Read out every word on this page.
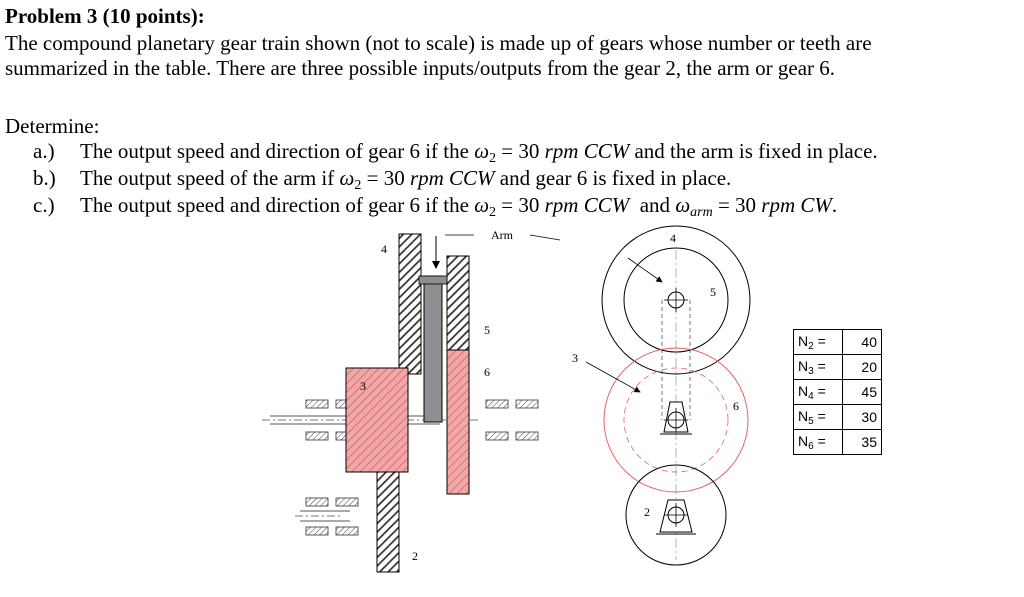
Problem 3 (10 points):
The compound planetary gear train shown (not to scale) is made up of gears whose number or teeth are
summarized in the table. There are three possible inputs/outputs from the gear 2, the arm or gear 6.
Determine:
a.) The output speed and direction of gear 6 if the $\omega_2 = 30$ rpm CCW and the arm is fixed in place.
b.) The output speed of the arm if $\omega_2 = 30$ rpm CCW and gear 6 is fixed in place.
c.) The output speed and direction of gear 6 if the $\omega_2 = 30$ rpm CCW  and ωarm = 30 rpm CW.
4
5
6
3
2
Arm	4
5
6
3
2
$N_2$ =	40
$N_3$ =	20
$N_4$ =	45
$N_5$ =	30
$N_6$ =	35
